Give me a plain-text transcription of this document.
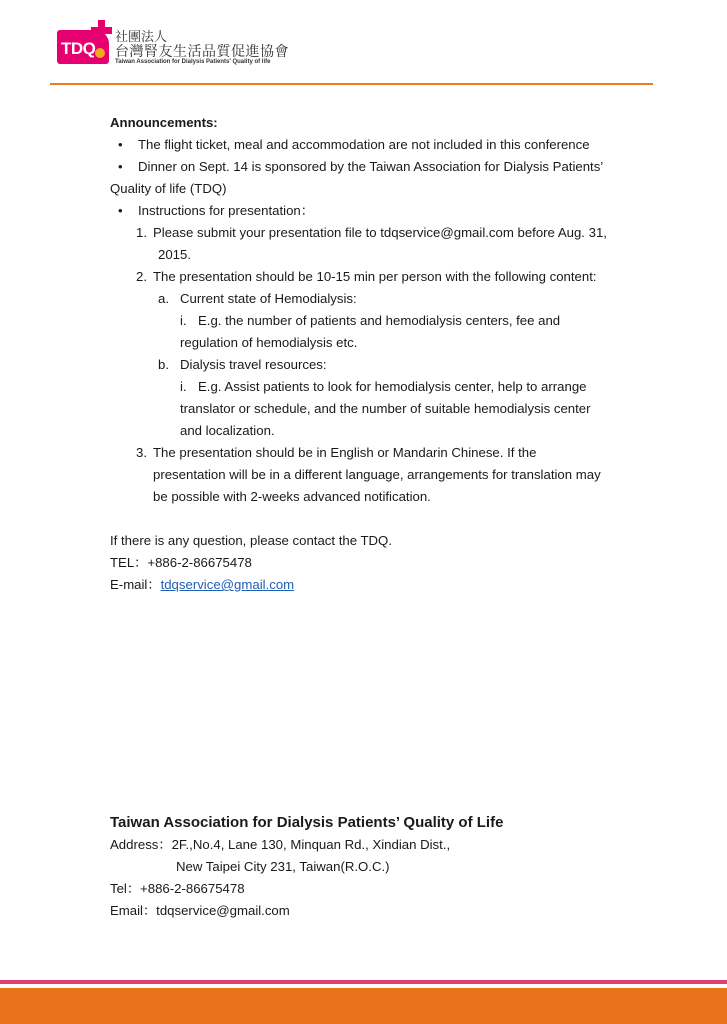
TDQ
社團法人
台灣腎友生活品質促進協會
Taiwan Association for Dialysis Patients' Quality of life
Announcements:
• The flight ticket, meal and accommodation are not included in this conference
• Dinner on Sept. 14 is sponsored by the Taiwan Association for Dialysis Patients’
Quality of life (TDQ)
• Instructions for presentation：
1. Please submit your presentation file to tdqservice@gmail.com before Aug. 31,
2015.
2. The presentation should be 10-15 min per person with the following content:
a. Current state of Hemodialysis:
i. E.g. the number of patients and hemodialysis centers, fee and
regulation of hemodialysis etc.
b. Dialysis travel resources:
i. E.g. Assist patients to look for hemodialysis center, help to arrange
translator or schedule, and the number of suitable hemodialysis center
and localization.
3. The presentation should be in English or Mandarin Chinese. If the
presentation will be in a different language, arrangements for translation may
be possible with 2-weeks advanced notification.
If there is any question, please contact the TDQ.
TEL：+886-2-86675478
E-mail：tdqservice@gmail.com
Taiwan Association for Dialysis Patients’ Quality of Life
Address：2F.,No.4, Lane 130, Minquan Rd., Xindian Dist.,
New Taipei City 231, Taiwan(R.O.C.)
Tel：+886-2-86675478
Email：tdqservice@gmail.com
